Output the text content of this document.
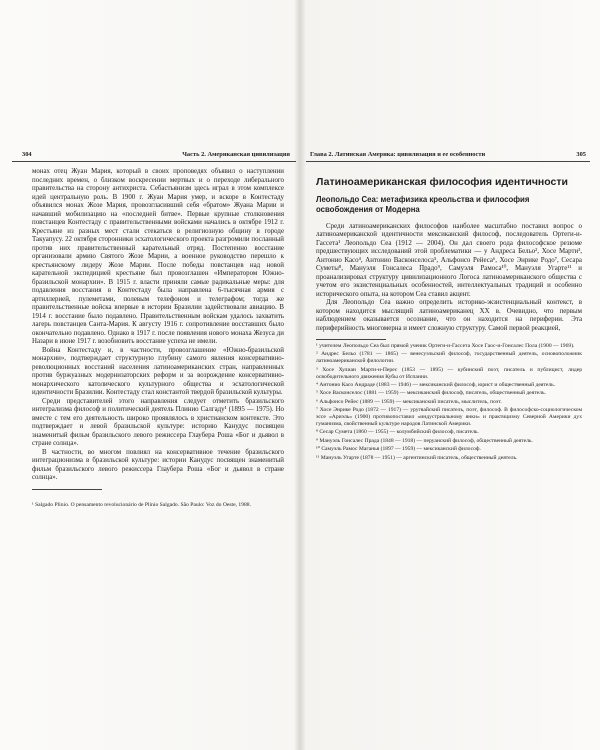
304	Часть 2. Американская цивилизация

монах отец Жуан Мария, который в своих проповедях объявил о наступлении последних времен, о близком воскресении мертвых и о переходе либерального правительства на сторону антихриста. Себастьянизм здесь играл в этом комплексе идей центральную роль. В 1900 г. Жуан Мария умер, и вскоре в Контестаду объявился монах Жозе Мария, провозгласивший себя «братом» Жуана Марии и начавший мобилизацию на «последней битве». Первые крупные столкновения повстанцев Контестаду с правительственными войсками начались в октябре 1912 г. Крестьяне из разных мест стали стекаться в религиозную общину в городе Такуапусу. 22 октября сторонники эсхатологического проекта разгромили посланный против них правительственный карательный отряд. Постепенно восстание организовали армию Святого Жозе Марии, а военное руководство перешло к крестьянскому лидеру Жозе Марии. После победы повстанцев над новой карательной экспедицией крестьяне был провозглашен «Императором Южно-бразильской монархии». В 1915 г. власти приняли самые радикальные меры: для подавления восстания в Контестаду была направлена 6-тысячная армия с артиллерией, пулеметами, полевым телефоном и телеграфом; тогда же правительственные войска впервые в истории Бразилии задействовали авиацию. В 1914 г. восстание было подавлено. Правительственным войскам удалось захватить лагерь повстанцев Санта-Мария. К августу 1916 г. сопротивление восставших было окончательно подавлено. Однако в 1917 г. после появления нового монаха Жезуса ди Назари в июне 1917 г. возобновить восстание успеха не имели.

Война Контестаду и, в частности, провозглашение «Южно-бразильской монархии», подтверждает структурную глубину самого явления консервативно-революционных восстаний населения латиноамериканских стран, направленных против буржуазных модернизаторских реформ и за возрождение консервативно-монархического католического культурного общества и эсхатологической идентичности Бразилии. Контестаду стал константой твердой бразильской культуры.

Среди представителей этого направления следует отметить бразильского интегрализма философ и политический деятель Плинио Салгаду¹ (1895 — 1975). Но вместе с тем его деятельность широко проявлялось в христианском контексте. Это подтверждает и левой бразильской культуре: историю Канудус посвящен знаменитый фильм бразильского левого режиссера Глаубера Роша «Бог и дьявол в стране солнца».

В частности, во многом повлиял на консервативное течение бразильского интеграционизма в бразильской культуре: истории Канудус посвящен знаменитый фильм бразильского левого режиссера Глаубера Роша «Бог и дьявол в стране солнца».

¹ Salgado Plinio. O pensamento revolucionário de Plínio Salgado. São Paulo: Voz do Oeste, 1988.
Глава 2. Латинская Америка: цивилизация и ее особенности	305
Латиноамериканская философия идентичности
Леопольдо Сеа: метафизика креольства и философия освобождения от Модерна

Среди латиноамериканских философов наиболее масштабно поставил вопрос о латиноамериканской идентичности мексиканский философ, последователь Ортеги-и-Гассета¹ Леопольдо Сеа (1912 — 2004). Он дал своего рода философское резюме предшествующих исследований этой проблематики — у Андреса Бельо², Хосе Марти³, Антонио Касо⁴, Антонио Васконселоса⁵, Альфонсо Рейеса⁶, Хосе Энрике Родо⁷, Сесара Суметы⁸, Мануэля Гонсалеса Прадо⁹, Самуэля Рамоса¹⁰, Мануэля Угарте¹¹ и проанализировал структуру цивилизационного Логоса латиноамериканского общества с учетом его экзистенциальных особенностей, интеллектуальных традиций и особенно исторического опыта, на котором Сеа ставил акцент.

Для Леопольдо Сеа важно определить историко-экзистенциальный контекст, в котором находится мыслящий латиноамериканец XX в. Очевидно, что первым наблюдением оказывается осознание, что он находится на периферии. Эта периферийность многомерна и имеет сложную структуру. Самой первой реакцией,

¹ учителем Леопольдо Сеа был прямой ученик Ортеги-и-Гассета Хосе Гаос-и-Гонсалес Пола (1900 — 1969).
² Андрес Бельо (1781 — 1865) — венесуэльский философ, государственный деятель, основоположник латиноамериканской филологии.
³ Хосе Хулиан Марти-и-Перес (1853 — 1895) — кубинский поэт, писатель и публицист, лидер освободительного движения Кубы от Испании.
⁴ Антонио Касо Андраде (1883 — 1946) — мексиканский философ, юрист и общественный деятель.
⁵ Хосе Васконселос (1881 — 1959) — мексиканский философ, писатель, общественный деятель.
⁶ Альфонсо Рейес (1889 — 1959) — мексиканский писатель, мыслитель, поэт.
⁷ Хосе Энрике Родо (1872 — 1917) — уругвайский писатель, поэт, философ. В философско-социологическом эссе «Ариэль» (1900) противопоставил «индустриальному янки» и практицизму Северной Америки дух гуманизма, свойственный культуре народов Латинской Америки.
⁸ Сесар Сумета (1860 — 1955) — колумбийский философ, писатель.
⁹ Мануэль Гонсалес Прада (1848 — 1918) — перуанский философ, общественный деятель.
¹⁰ Самуэль Рамос Маганья (1897 — 1959) — мексиканский философ.
¹¹ Мануэль Угарте (1878 — 1951) — аргентинский писатель, общественный деятель.
